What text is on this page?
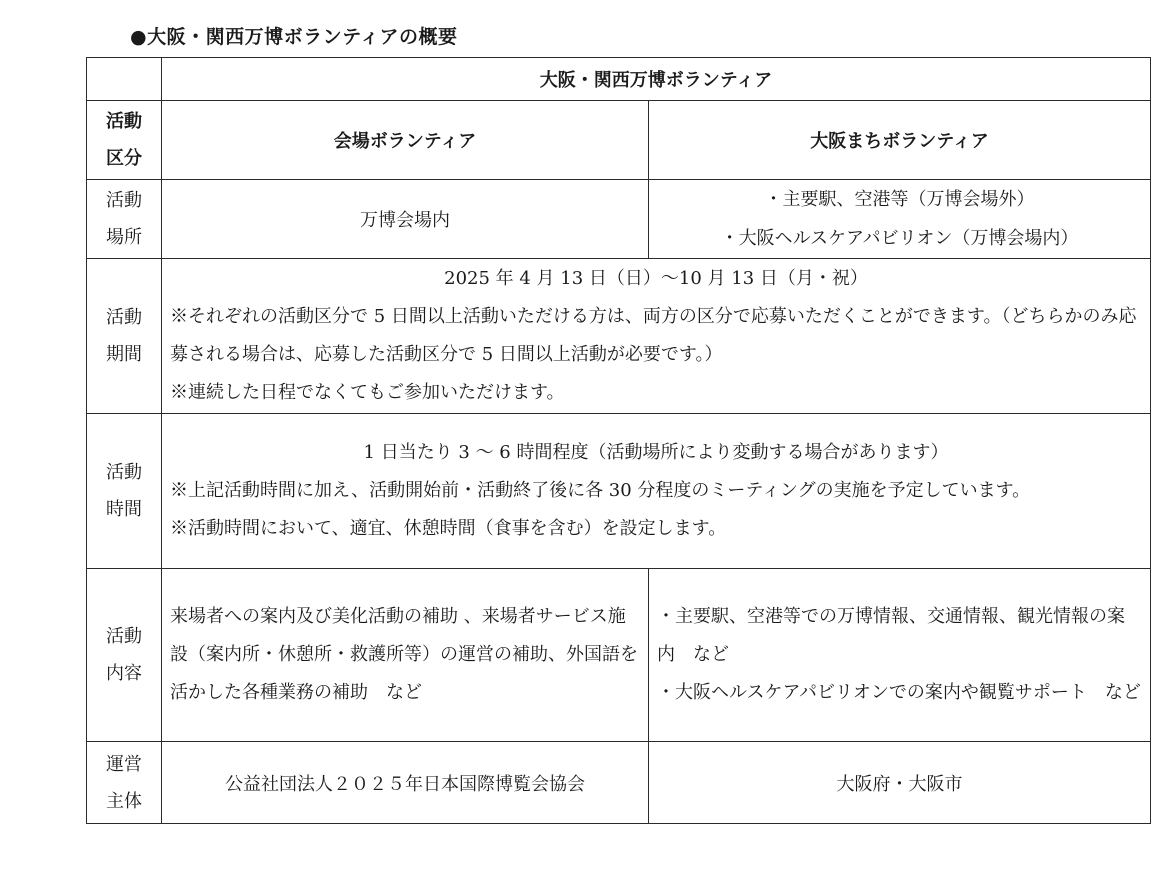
●大阪・関西万博ボランティアの概要
	大阪・関西万博ボランティア	

活動
区分	会場ボランティア	大阪まちボランティア

活動
場所	万博会場内	・主要駅、空港等（万博会場外）
・大阪ヘルスケアパビリオン（万博会場内）

活動
期間	2025 年 4 月 13 日（日）～10 月 13 日（月・祝）
※それぞれの活動区分で 5 日間以上活動いただける方は、両方の区分で応募いただくことができます。（どちらかのみ応募される場合は、応募した活動区分で 5 日間以上活動が必要です。）
※連続した日程でなくてもご参加いただけます。	

活動
時間	1 日当たり 3 ～ 6 時間程度（活動場所により変動する場合があります）
※上記活動時間に加え、活動開始前・活動終了後に各 30 分程度のミーティングの実施を予定しています。
※活動時間において、適宜、休憩時間（食事を含む）を設定します。	

活動
内容	来場者への案内及び美化活動の補助 、来場者サービス施設（案内所・休憩所・救護所等）の運営の補助、外国語を活かした各種業務の補助　など	・主要駅、空港等での万博情報、交通情報、観光情報の案内　など
・大阪ヘルスケアパビリオンでの案内や観覧サポート　など

運営
主体	公益社団法人２０２５年日本国際博覧会協会	大阪府・大阪市
